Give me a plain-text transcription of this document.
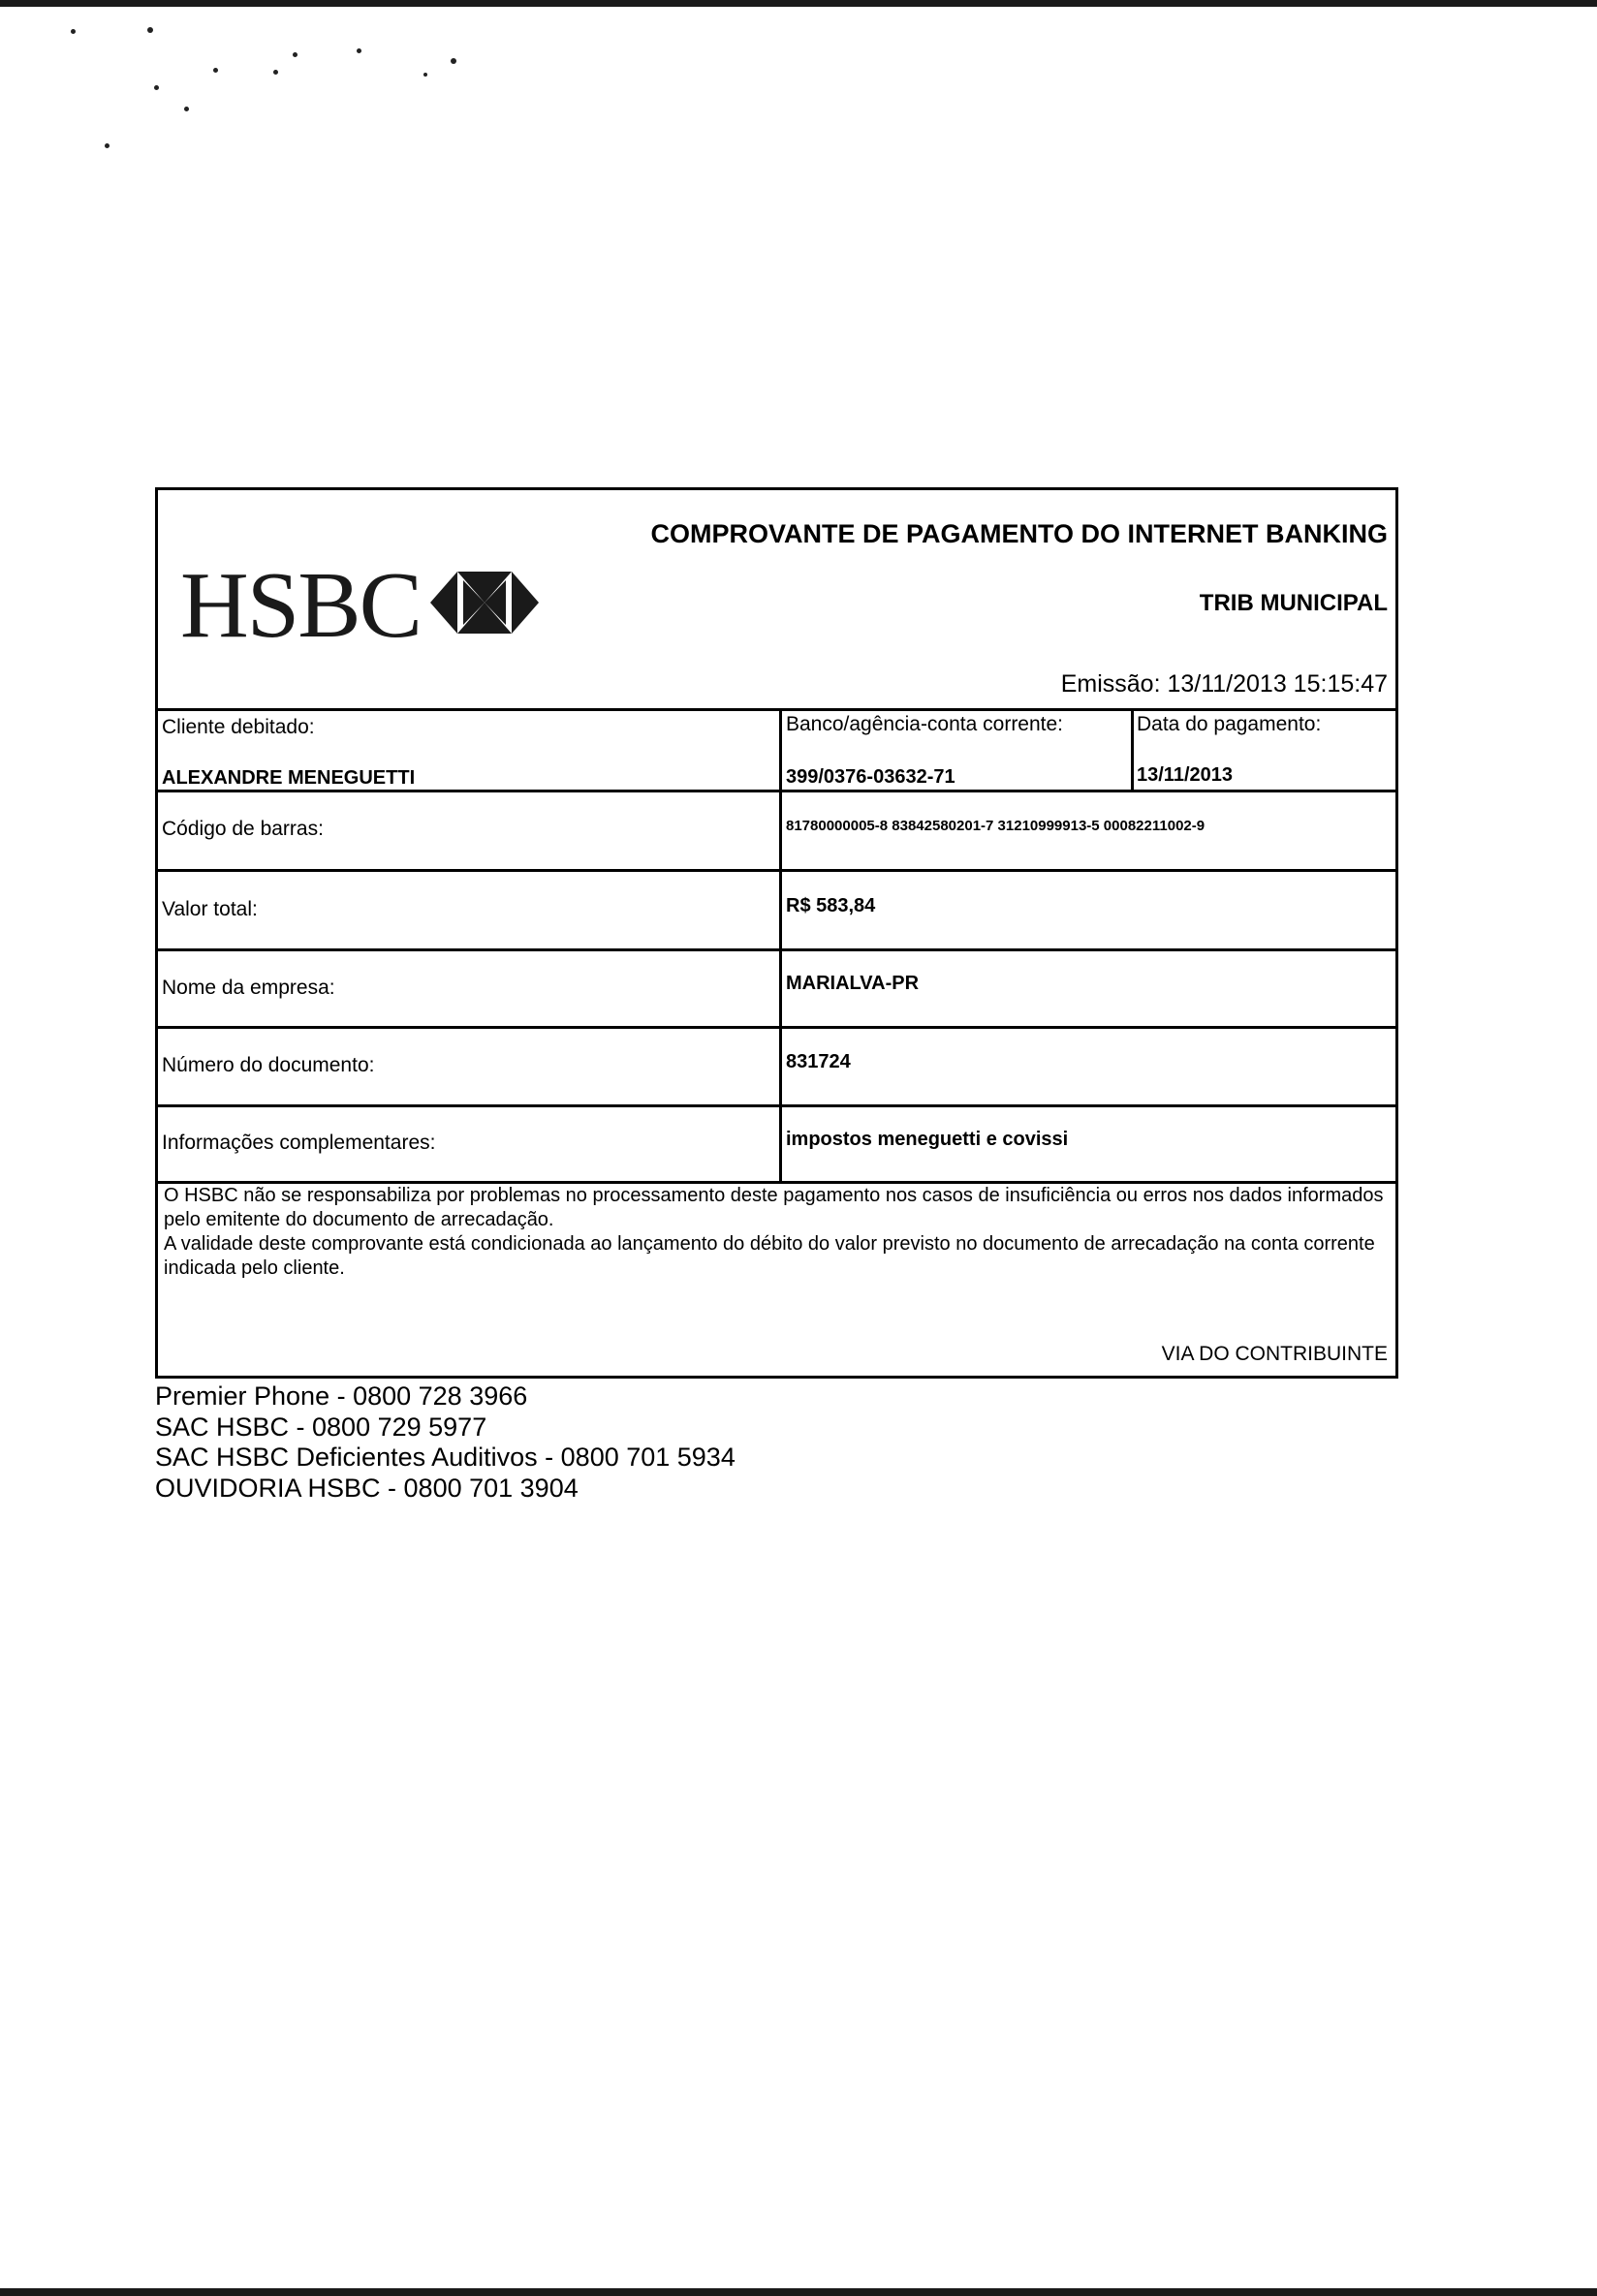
HSBC
COMPROVANTE DE PAGAMENTO DO INTERNET BANKING
TRIB MUNICIPAL
Emissão: 13/11/2013 15:15:47
Cliente debitado:
ALEXANDRE MENEGUETTI
Banco/agência-conta corrente:
399/0376-03632-71
Data do pagamento:
13/11/2013
Código de barras:	81780000005-8 83842580201-7 31210999913-5 00082211002-9
Valor total:	R$ 583,84
Nome da empresa:	MARIALVA-PR
Número do documento:	831724
Informações complementares:	impostos meneguetti e covissi

O HSBC não se responsabiliza por problemas no processamento deste pagamento nos casos de insuficiência ou erros nos dados informados pelo emitente do documento de arrecadação.

A validade deste comprovante está condicionada ao lançamento do débito do valor previsto no documento de arrecadação na conta corrente indicada pelo cliente.

VIA DO CONTRIBUINTE
Premier Phone - 0800 728 3966
SAC HSBC - 0800 729 5977
SAC HSBC Deficientes Auditivos - 0800 701 5934
OUVIDORIA HSBC - 0800 701 3904
